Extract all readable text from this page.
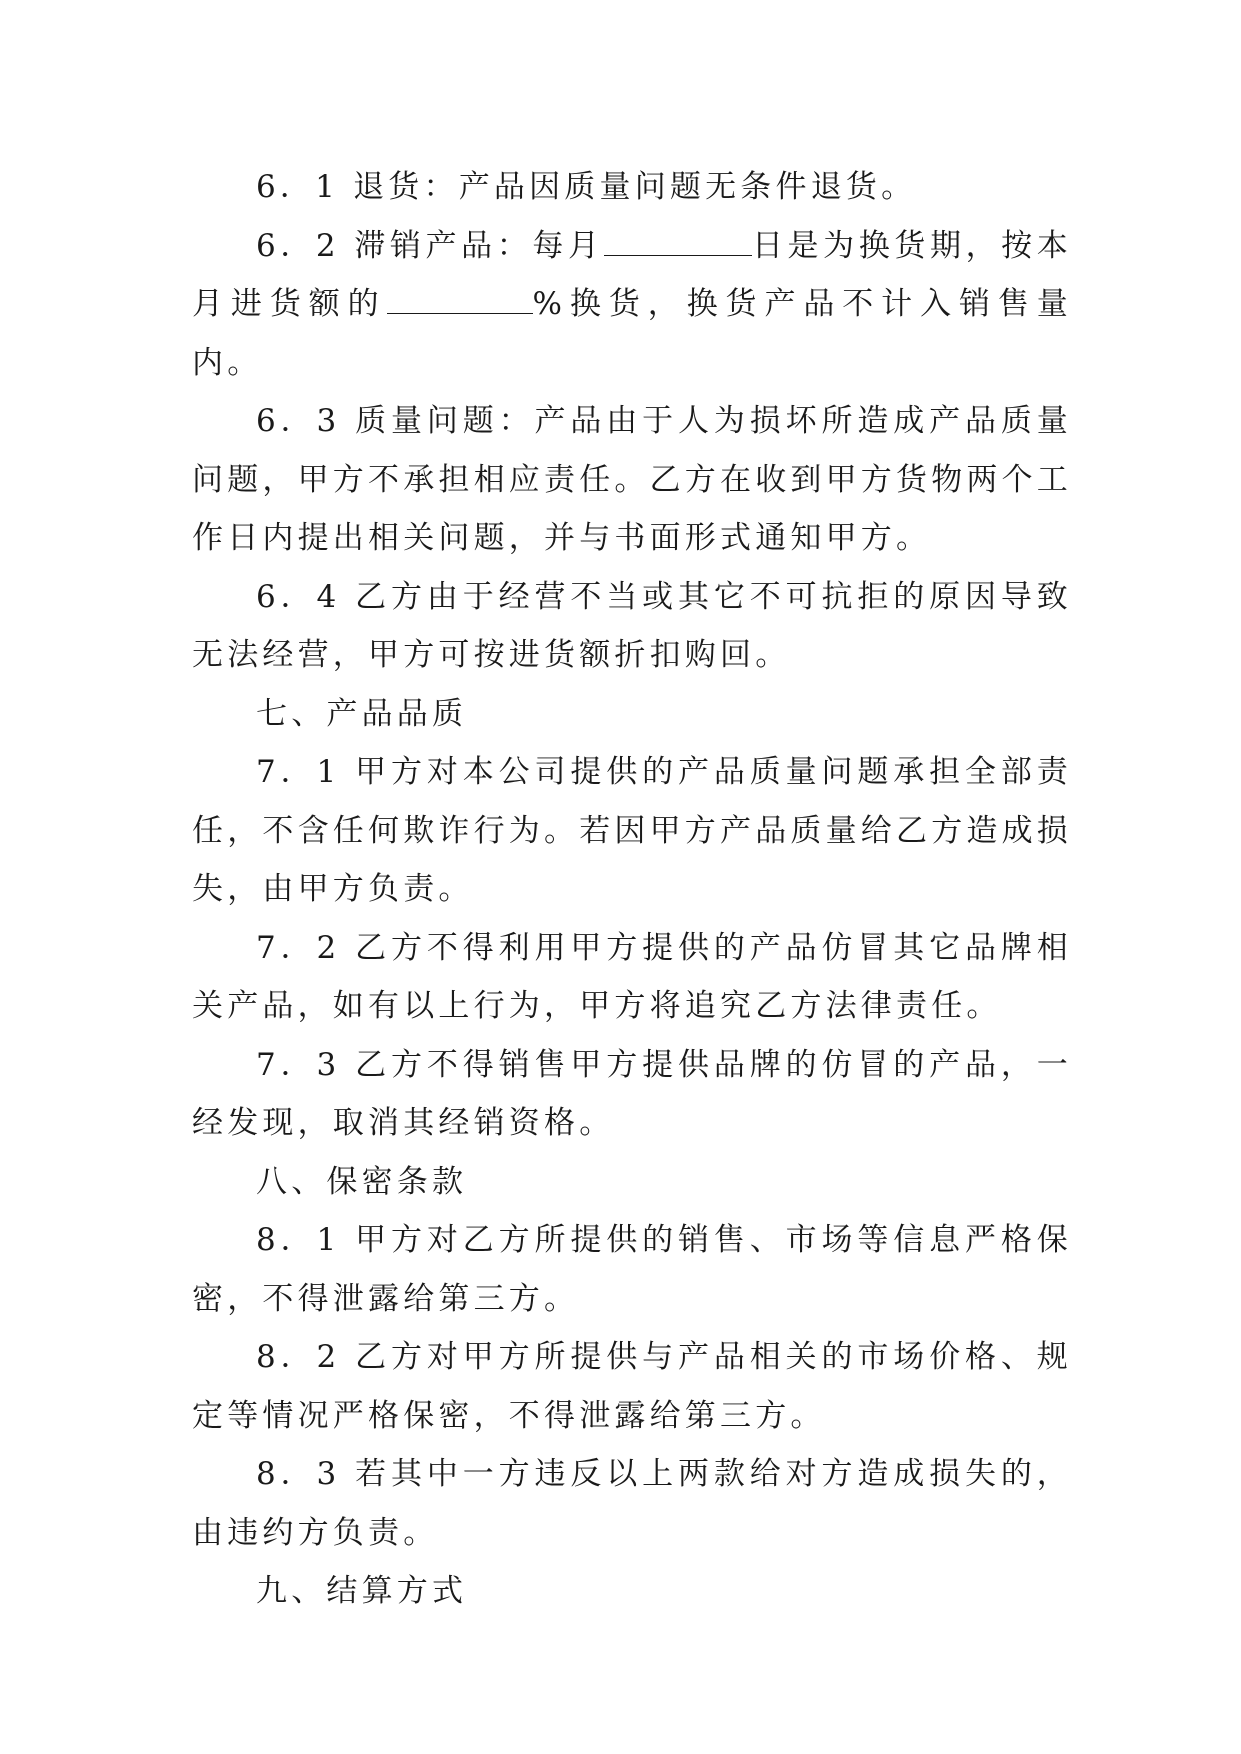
6．1 退货：产品因质量问题无条件退货。

6．2 滞销产品：每月	日是为换货期，按本月进货额的	%换货，换货产品不计入销售量内。

6．3 质量问题：产品由于人为损坏所造成产品质量问题，甲方不承担相应责任。乙方在收到甲方货物两个工作日内提出相关问题，并与书面形式通知甲方。

6．4 乙方由于经营不当或其它不可抗拒的原因导致无法经营，甲方可按进货额折扣购回。

七、产品品质

7．1 甲方对本公司提供的产品质量问题承担全部责任，不含任何欺诈行为。若因甲方产品质量给乙方造成损失，由甲方负责。

7．2 乙方不得利用甲方提供的产品仿冒其它品牌相关产品，如有以上行为，甲方将追究乙方法律责任。

7．3 乙方不得销售甲方提供品牌的仿冒的产品，一经发现，取消其经销资格。

八、保密条款

8．1 甲方对乙方所提供的销售、市场等信息严格保密，不得泄露给第三方。

8．2 乙方对甲方所提供与产品相关的市场价格、规定等情况严格保密，不得泄露给第三方。

8．3 若其中一方违反以上两款给对方造成损失的，由违约方负责。

九、结算方式
